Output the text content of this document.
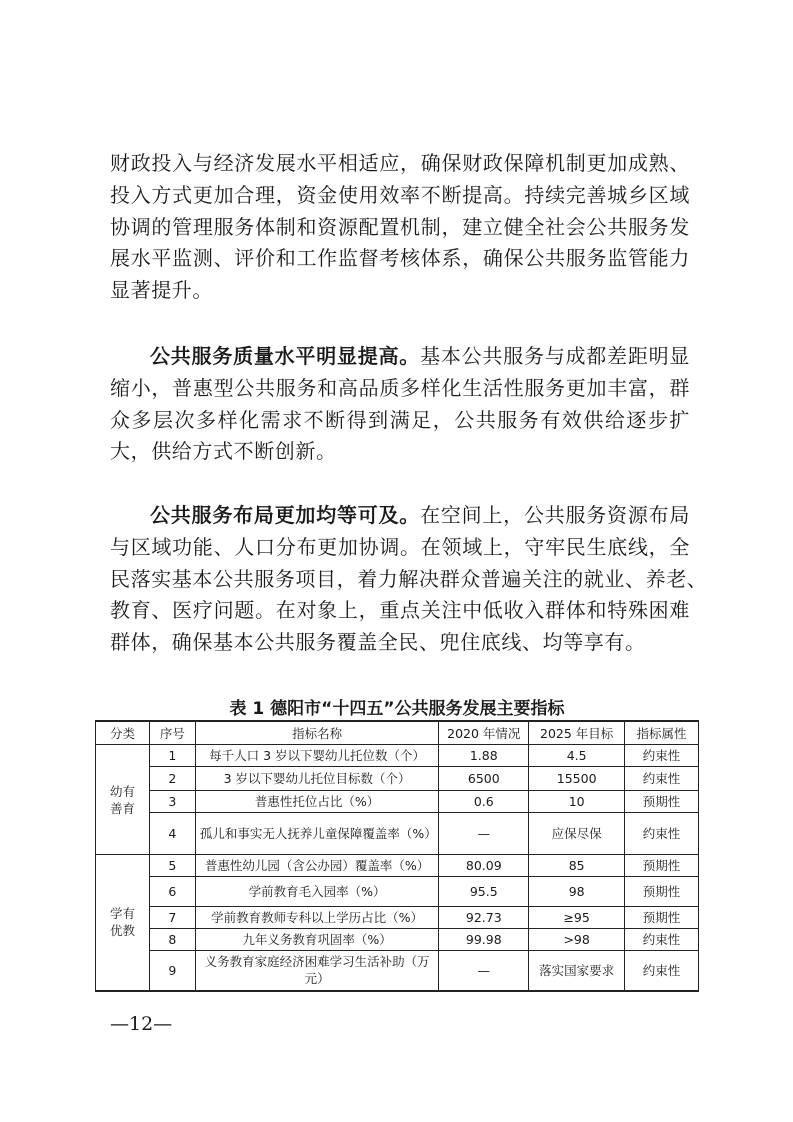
财政投入与经济发展水平相适应，确保财政保障机制更加成熟、
投入方式更加合理，资金使用效率不断提高。持续完善城乡区域
协调的管理服务体制和资源配置机制，建立健全社会公共服务发
展水平监测、评价和工作监督考核体系，确保公共服务监管能力
显著提升。
公共服务质量水平明显提高。基本公共服务与成都差距明显
缩小，普惠型公共服务和高品质多样化生活性服务更加丰富，群
众多层次多样化需求不断得到满足，公共服务有效供给逐步扩
大，供给方式不断创新。
公共服务布局更加均等可及。在空间上，公共服务资源布局
与区域功能、人口分布更加协调。在领域上，守牢民生底线，全
民落实基本公共服务项目，着力解决群众普遍关注的就业、养老、
教育、医疗问题。在对象上，重点关注中低收入群体和特殊困难
群体，确保基本公共服务覆盖全民、兜住底线、均等享有。
表 1 德阳市“十四五”公共服务发展主要指标
分类	序号	指标名称	2020 年情况	2025 年目标	指标属性
幼有
善育	1	每千人口 3 岁以下婴幼儿托位数（个）	1.88	4.5	约束性
	2	3 岁以下婴幼儿托位目标数（个）	6500	15500	约束性
	3	普惠性托位占比（%）	0.6	10	预期性
	4	孤儿和事实无人抚养儿童保障覆盖率（%）	—	应保尽保	约束性
学有
优教	5	普惠性幼儿园（含公办园）覆盖率（%）	80.09	85	预期性
	6	学前教育毛入园率（%）	95.5	98	预期性
	7	学前教育教师专科以上学历占比（%）	92.73	≥95	预期性
	8	九年义务教育巩固率（%）	99.98	>98	约束性
	9	义务教育家庭经济困难学习生活补助（万元）	—	落实国家要求	约束性
—12—
